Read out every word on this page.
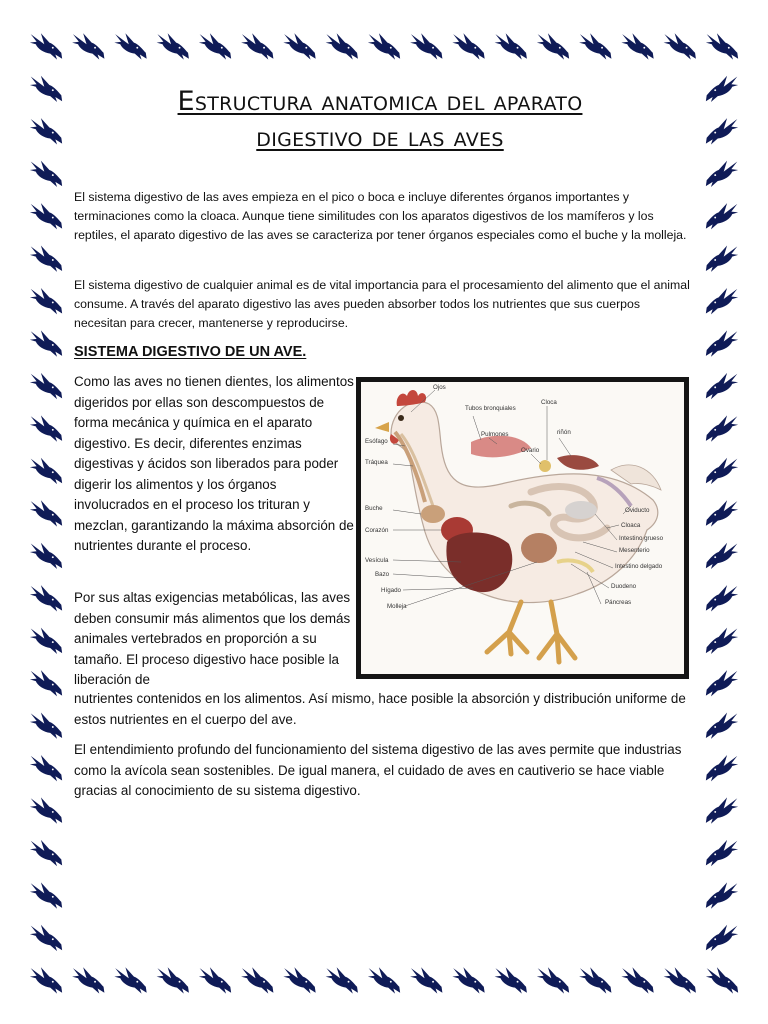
Estructura anatomica del aparato
digestivo de las aves

El sistema digestivo de las aves empieza en el pico o boca e incluye diferentes órganos importantes y terminaciones como la cloaca. Aunque tiene similitudes con los aparatos digestivos de los mamíferos y los reptiles, el aparato digestivo de las aves se caracteriza por tener órganos especiales como el buche y la molleja.

El sistema digestivo de cualquier animal es de vital importancia para el procesamiento del alimento que el animal consume. A través del aparato digestivo las aves pueden absorber todos los nutrientes que sus cuerpos necesitan para crecer, mantenerse y reproducirse.

SISTEMA DIGESTIVO DE UN AVE.

Como las aves no tienen dientes, los alimentos digeridos por ellas son descompuestos de forma mecánica y química en el aparato digestivo. Es decir, diferentes enzimas digestivas y ácidos son liberados para poder digerir los alimentos y los órganos involucrados en el proceso los trituran y mezclan, garantizando la máxima absorción de nutrientes durante el proceso.

Por sus altas exigencias metabólicas, las aves deben consumir más alimentos que los demás animales vertebrados en proporción a su tamaño. El proceso digestivo hace posible la liberación de

nutrientes contenidos en los alimentos. Así mismo, hace posible la absorción y distribución uniforme de estos nutrientes en el cuerpo del ave.

El entendimiento profundo del funcionamiento del sistema digestivo de las aves permite que industrias como la avícola sean sostenibles. De igual manera, el cuidado de aves en cautiverio se hace viable gracias al conocimiento de su sistema digestivo.

Ojos
Tubos bronquiales
Cloca
riñón
Pulmones
Ovario
Esófago
Tráquea
Oviducto
Buche
Cloaca
Corazón
Intestino grueso
Mesenterio
Vesícula
Intestino delgado
Bazo
Hígado
Duodeno
Molleja
Páncreas
